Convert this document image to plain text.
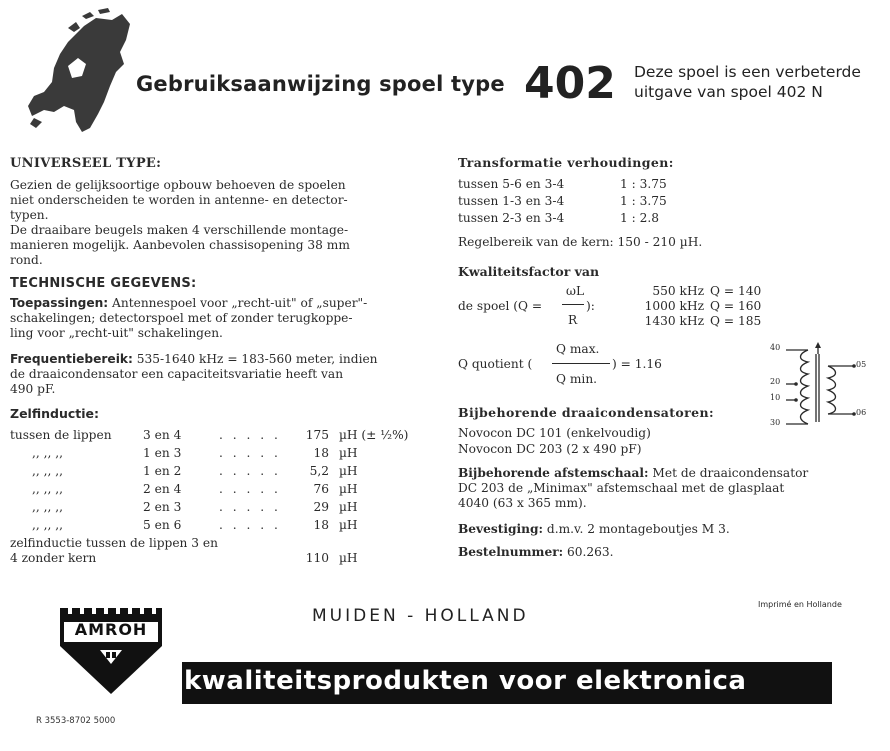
Gebruiksaanwijzing spoel type 402 Deze spoel is een verbeterde
uitgave van spoel 402 N
UNIVERSEEL TYPE:

Gezien de gelijksoortige opbouw behoeven de spoelen

niet onderscheiden te worden in antenne- en detector-

typen.

De draaibare beugels maken 4 verschillende montage-

manieren mogelijk. Aanbevolen chassisopening 38 mm

rond.

TECHNISCHE GEGEVENS:

Toepassingen: Antennespoel voor „recht-uit" of „super"-

schakelingen; detectorspoel met of zonder terugkoppe-

ling voor „recht-uit" schakelingen.

Frequentiebereik: 535-1640 kHz = 183-560 meter, indien

de draaicondensator een capaciteitsvariatie heeft van

490 pF.

Zelfinductie:
tussen de lippen	3 en 4	. . . . . 175 µH (± ½%)
,, ,, ,,	1 en 3	. . . . .	18 µH
,, ,, ,,	1 en 2	. . . . . 5,2 µH
,, ,, ,,	2 en 4	. . . . .	76 µH
,, ,, ,,	2 en 3	. . . . .	29 µH
,, ,, ,,	5 en 6	. . . . .	18 µH
zelfinductie tussen de lippen 3 en
4 zonder kern	110 µH
Transformatie verhoudingen:
tussen 5-6 en 3-4	1 : 3.75
tussen 1-3 en 3-4	1 : 3.75
tussen 2-3 en 3-4	1 : 2.8
Regelbereik van de kern: 150 - 210 µH.
Kwaliteitsfactor van
de spoel (Q =
ωL
R
):
550 kHz Q = 140
1000 kHz Q = 160
1430 kHz Q = 185
Q quotient (
Q max.
Q min.
) = 1.16
40
20
10
30
05
06
Bijbehorende draaicondensatoren:
Novocon DC 101 (enkelvoudig)
Novocon DC 203 (2 x 490 pF)

Bijbehorende afstemschaal: Met de draaicondensator

DC 203 de „Minimax" afstemschaal met de glasplaat

4040 (63 x 365 mm).

Bevestiging: d.m.v. 2 montageboutjes M 3.
Bestelnummer: 60.263.
Imprimé en Hollande
MUIDEN - HOLLAND
AMROH
kwaliteitsprodukten voor elektronica
R 3553-8702 5000
